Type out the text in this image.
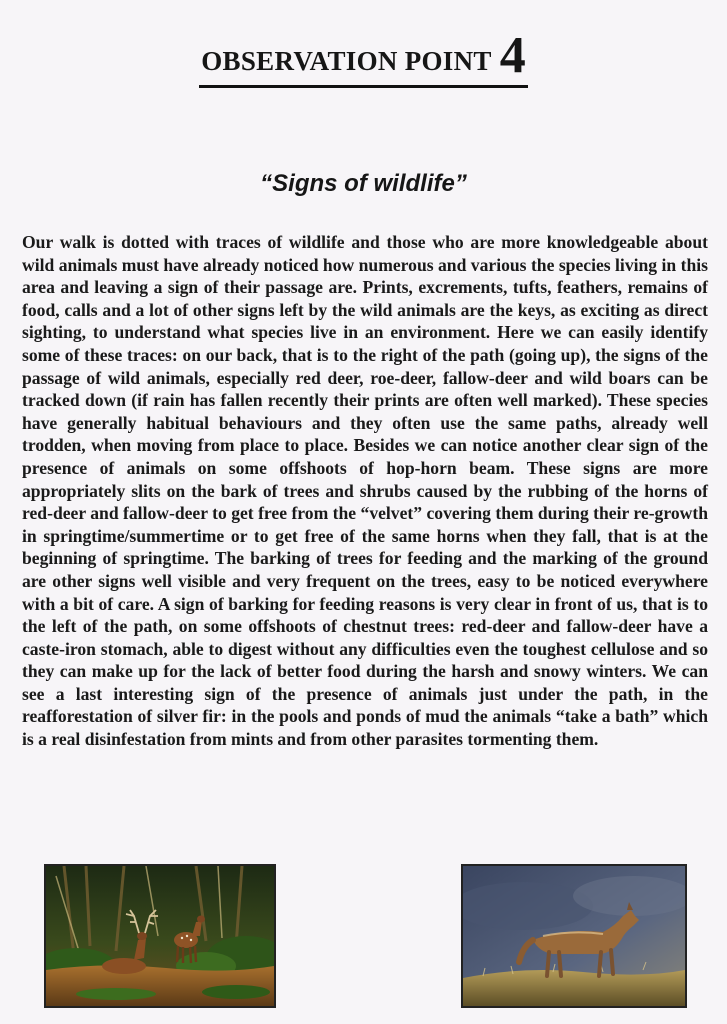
OBSERVATION POINT 4
“Signs of wildlife”

Our walk is dotted with traces of wildlife and those who are more knowledgeable about wild animals must have already noticed how numerous and various the species living in this area and leaving a sign of their passage are. Prints, excrements, tufts, feathers, remains of food, calls and a lot of other signs left by the wild animals are the keys, as exciting as direct sighting, to understand what species live in an environment. Here we can easily identify some of these traces: on our back, that is to the right of the path (going up), the signs of the passage of wild animals, especially red deer, roe-deer, fallow-deer and wild boars can be tracked down (if rain has fallen recently their prints are often well marked). These species have generally habitual behaviours and they often use the same paths, already well trodden, when moving from place to place. Besides we can notice another clear sign of the presence of animals on some offshoots of hop-horn beam. These signs are more appropriately slits on the bark of trees and shrubs caused by the rubbing of the horns of red-deer and fallow-deer to get free from the “velvet” covering them during their re-growth in springtime/summertime or to get free of the same horns when they fall, that is at the beginning of springtime. The barking of trees for feeding and the marking of the ground are other signs well visible and very frequent on the trees, easy to be noticed everywhere with a bit of care. A sign of barking for feeding reasons is very clear in front of us, that is to the left of the path, on some offshoots of chestnut trees: red-deer and fallow-deer have a caste-iron stomach, able to digest without any difficulties even the toughest cellulose and so they can make up for the lack of better food during the harsh and snowy winters. We can see a last interesting sign of the presence of animals just under the path, in the reafforestation of silver fir: in the pools and ponds of mud the animals “take a bath” which is a real disinfestation from mints and from other parasites tormenting them.
